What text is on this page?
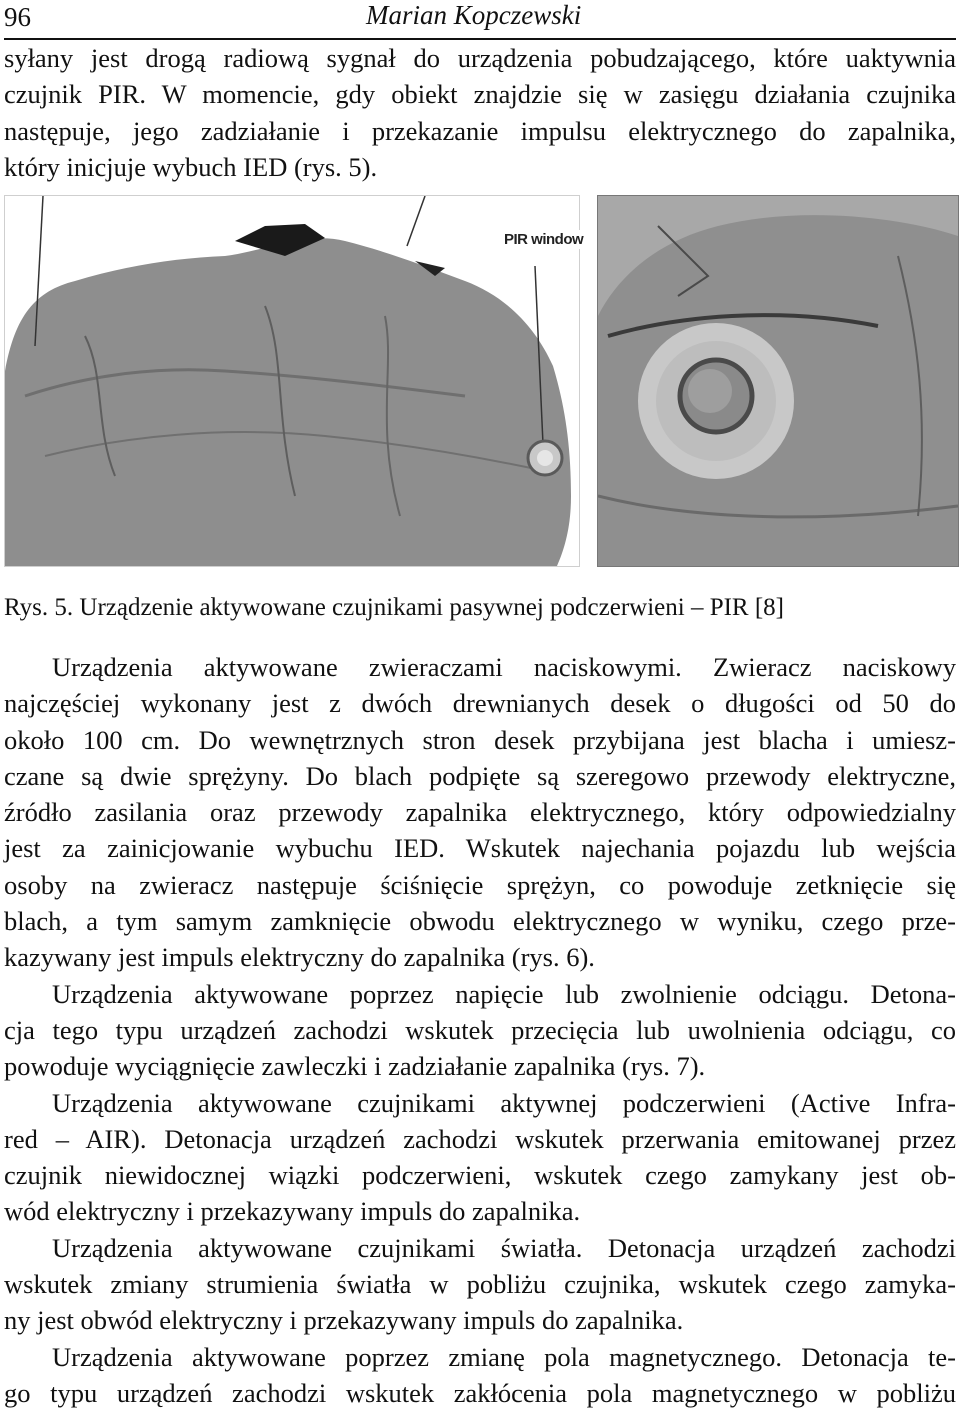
96	Marian Kopczewski
syłany jest drogą radiową sygnał do urządzenia pobudzającego, które uaktywnia
czujnik PIR. W momencie, gdy obiekt znajdzie się w zasięgu działania czujnika
następuje, jego zadziałanie i przekazanie impulsu elektrycznego do zapalnika,
który inicjuje wybuch IED (rys. 5).
PIR window
Rys. 5. Urządzenie aktywowane czujnikami pasywnej podczerwieni – PIR [8]
Urządzenia aktywowane zwieraczami naciskowymi. Zwieracz naciskowy
najczęściej wykonany jest z dwóch drewnianych desek o długości od 50 do
około 100 cm. Do wewnętrznych stron desek przybijana jest blacha i umiesz-
czane są dwie sprężyny. Do blach podpięte są szeregowo przewody elektryczne,
źródło zasilania oraz przewody zapalnika elektrycznego, który odpowiedzialny
jest za zainicjowanie wybuchu IED. Wskutek najechania pojazdu lub wejścia
osoby na zwieracz następuje ściśnięcie sprężyn, co powoduje zetknięcie się
blach, a tym samym zamknięcie obwodu elektrycznego w wyniku, czego prze-
kazywany jest impuls elektryczny do zapalnika (rys. 6).
Urządzenia aktywowane poprzez napięcie lub zwolnienie odciągu. Detona-
cja tego typu urządzeń zachodzi wskutek przecięcia lub uwolnienia odciągu, co
powoduje wyciągnięcie zawleczki i zadziałanie zapalnika (rys. 7).
Urządzenia aktywowane czujnikami aktywnej podczerwieni (Active Infra-
red – AIR). Detonacja urządzeń zachodzi wskutek przerwania emitowanej przez
czujnik niewidocznej wiązki podczerwieni, wskutek czego zamykany jest ob-
wód elektryczny i przekazywany impuls do zapalnika.
Urządzenia aktywowane czujnikami światła. Detonacja urządzeń zachodzi
wskutek zmiany strumienia światła w pobliżu czujnika, wskutek czego zamyka-
ny jest obwód elektryczny i przekazywany impuls do zapalnika.
Urządzenia aktywowane poprzez zmianę pola magnetycznego. Detonacja te-
go typu urządzeń zachodzi wskutek zakłócenia pola magnetycznego w pobliżu
